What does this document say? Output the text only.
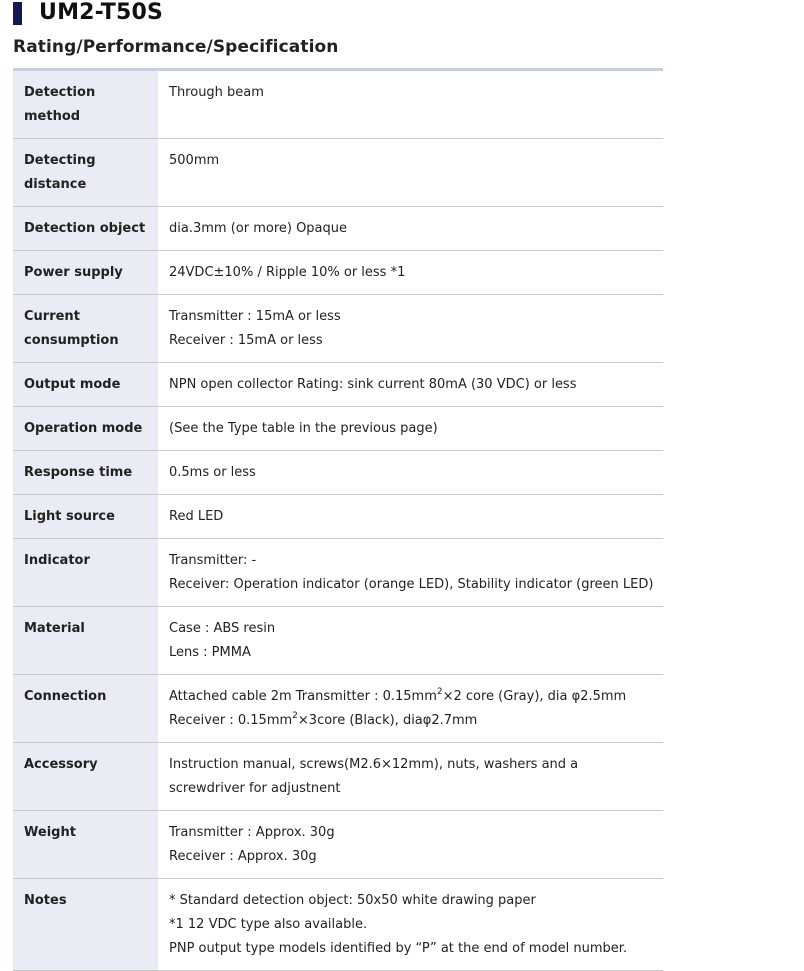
UM2-T50S
Rating/Performance/Specification
Detection method	Through beam

Detecting distance	500mm

Detection object	dia.3mm (or more) Opaque

Power supply	24VDC±10% / Ripple 10% or less *1

Current consumption	Transmitter : 15mA or less
Receiver : 15mA or less

Output mode	NPN open collector Rating: sink current 80mA (30 VDC) or less

Operation mode	(See the Type table in the previous page)

Response time	0.5ms or less

Light source	Red LED

Indicator	Transmitter: -
Receiver: Operation indicator (orange LED), Stability indicator (green LED)

Material	Case : ABS resin
Lens : PMMA

Connection	Attached cable 2m Transmitter : $0.15mm^2\times 2$ core (Gray), dia φ2.5mm
Receiver : $0.15mm^2\times 3core$ (Black), diaφ2.7mm

Accessory	Instruction manual, screws(M2.6×12mm), nuts, washers and a screwdriver for adjustnent

Weight	Transmitter : Approx. 30g
Receiver : Approx. 30g

Notes	* Standard detection object: 50x50 white drawing paper
*1 12 VDC type also available.
PNP output type models identified by “P” at the end of model number.
